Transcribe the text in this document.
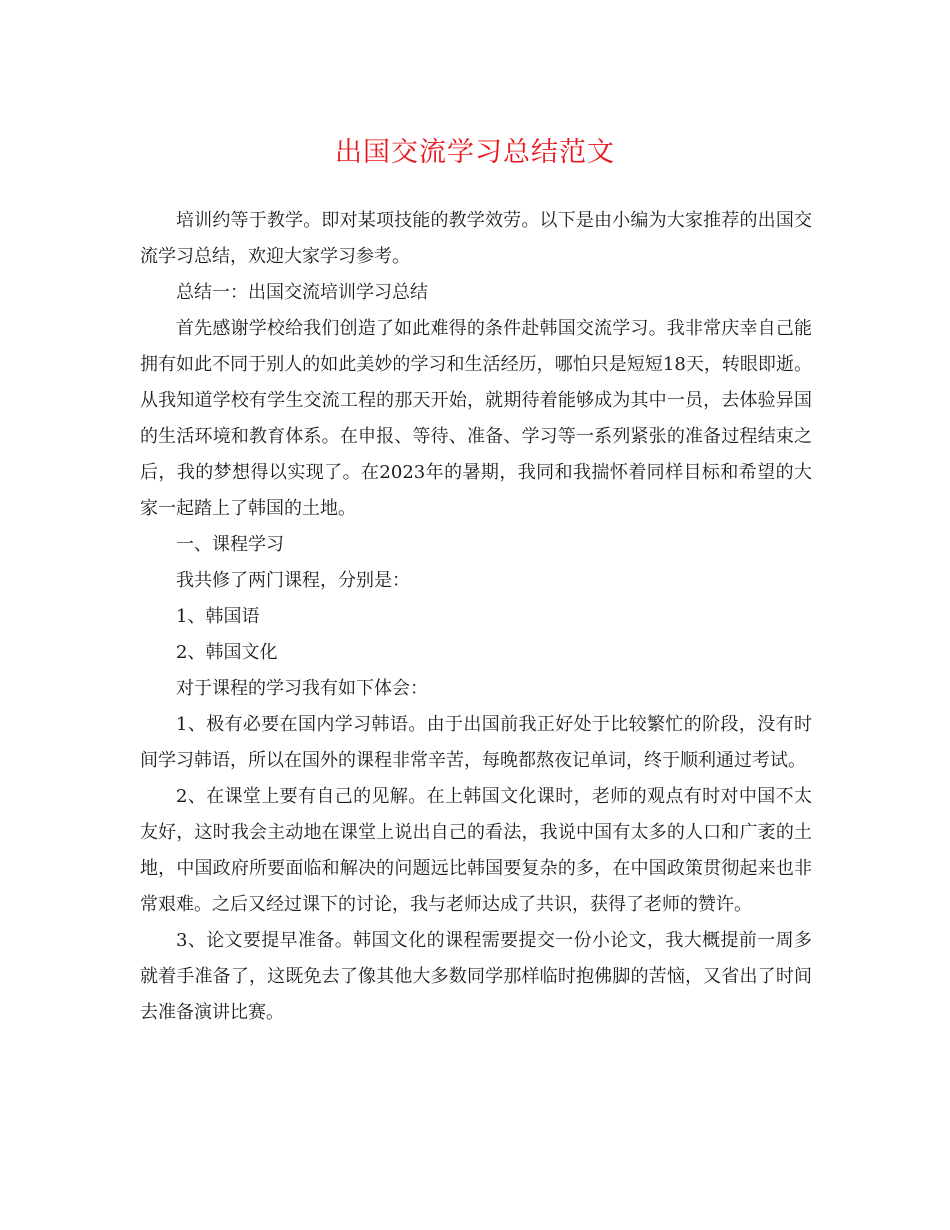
出国交流学习总结范文

培训约等于教学。即对某项技能的教学效劳。以下是由小编为大家推荐的出国交流学习总结，欢迎大家学习参考。

总结一：出国交流培训学习总结

首先感谢学校给我们创造了如此难得的条件赴韩国交流学习。我非常庆幸自己能拥有如此不同于别人的如此美妙的学习和生活经历，哪怕只是短短18天，转眼即逝。从我知道学校有学生交流工程的那天开始，就期待着能够成为其中一员，去体验异国的生活环境和教育体系。在申报、等待、准备、学习等一系列紧张的准备过程结束之后，我的梦想得以实现了。在2023年的暑期，我同和我揣怀着同样目标和希望的大家一起踏上了韩国的土地。

一、课程学习

我共修了两门课程，分别是：

1、韩国语

2、韩国文化

对于课程的学习我有如下体会：

1、极有必要在国内学习韩语。由于出国前我正好处于比较繁忙的阶段，没有时间学习韩语，所以在国外的课程非常辛苦，每晚都熬夜记单词，终于顺利通过考试。

2、在课堂上要有自己的见解。在上韩国文化课时，老师的观点有时对中国不太友好，这时我会主动地在课堂上说出自己的看法，我说中国有太多的人口和广袤的土地，中国政府所要面临和解决的问题远比韩国要复杂的多，在中国政策贯彻起来也非常艰难。之后又经过课下的讨论，我与老师达成了共识，获得了老师的赞许。

3、论文要提早准备。韩国文化的课程需要提交一份小论文，我大概提前一周多就着手准备了，这既免去了像其他大多数同学那样临时抱佛脚的苦恼，又省出了时间去准备演讲比赛。
